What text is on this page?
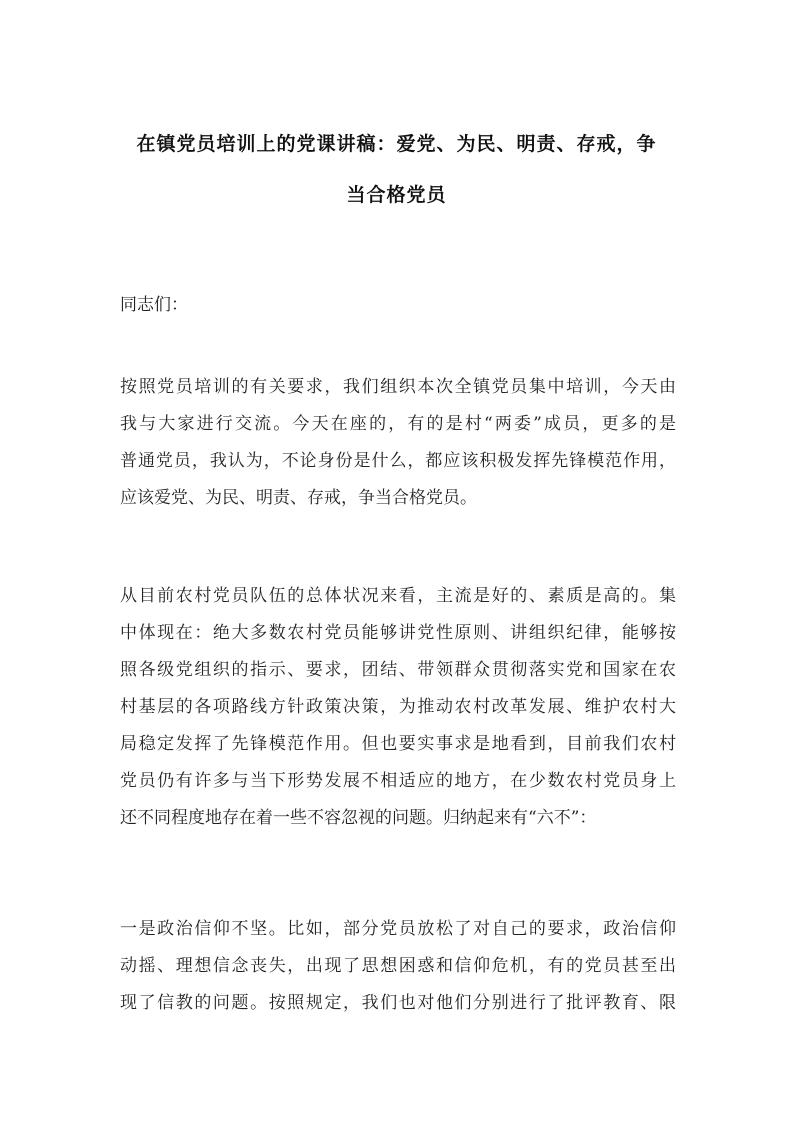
在镇党员培训上的党课讲稿：爱党、为民、明责、存戒，争
当合格党员
同志们：
按照党员培训的有关要求，我们组织本次全镇党员集中培训，今天由
我与大家进行交流。今天在座的，有的是村“两委”成员，更多的是
普通党员，我认为，不论身份是什么，都应该积极发挥先锋模范作用，
应该爱党、为民、明责、存戒，争当合格党员。
从目前农村党员队伍的总体状况来看，主流是好的、素质是高的。集
中体现在：绝大多数农村党员能够讲党性原则、讲组织纪律，能够按
照各级党组织的指示、要求，团结、带领群众贯彻落实党和国家在农
村基层的各项路线方针政策决策，为推动农村改革发展、维护农村大
局稳定发挥了先锋模范作用。但也要实事求是地看到，目前我们农村
党员仍有许多与当下形势发展不相适应的地方，在少数农村党员身上
还不同程度地存在着一些不容忽视的问题。归纳起来有“六不”：
一是政治信仰不坚。比如，部分党员放松了对自己的要求，政治信仰
动摇、理想信念丧失，出现了思想困惑和信仰危机，有的党员甚至出
现了信教的问题。按照规定，我们也对他们分别进行了批评教育、限
